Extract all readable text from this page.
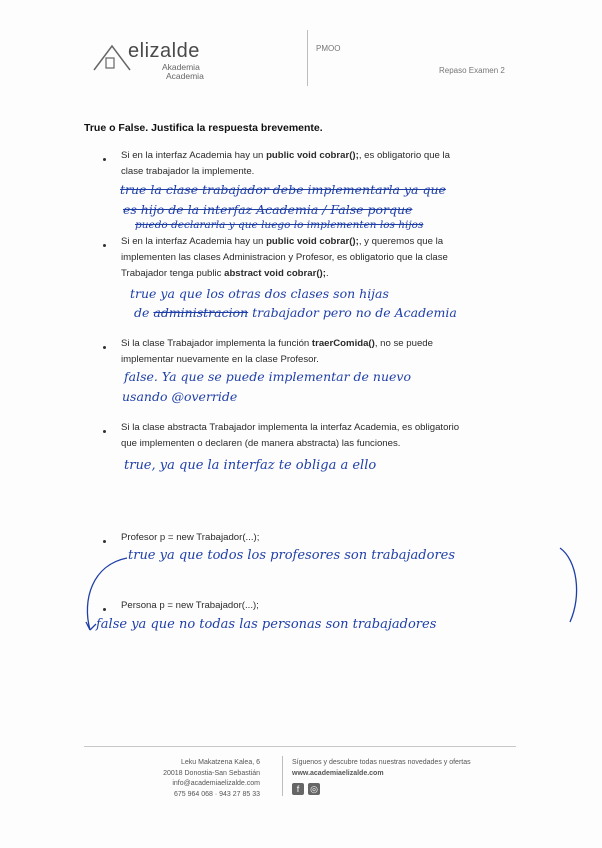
elizalde
Akademia
Academia
PMOO
Repaso Examen 2
True o False. Justifica la respuesta brevemente.
Si en la interfaz Academia hay un public void cobrar();, es obligatorio que la
clase trabajador la implemente.
true la clase trabajador debe implementarla ya que
es hijo de la interfaz Academia / False porque
puedo declararla y que luego lo implementen los hijos
Si en la interfaz Academia hay un public void cobrar();, y queremos que la
implementen las clases Administracion y Profesor, es obligatorio que la clase
Trabajador tenga public abstract void cobrar();.
true ya que los otras dos clases son hijas
de administracion trabajador pero no de Academia
Si la clase Trabajador implementa la función traerComida(), no se puede
implementar nuevamente en la clase Profesor.
false. Ya que se puede implementar de nuevo
usando @override
Si la clase abstracta Trabajador implementa la interfaz Academia, es obligatorio
que implementen o declaren (de manera abstracta) las funciones.
true, ya que la interfaz te obliga a ello
Profesor p = new Trabajador(...);
true ya que todos los profesores son trabajadores
Persona p = new Trabajador(...);
false ya que no todas las personas son trabajadores
Leku Makatzena Kalea, 6
20018 Donostia-San Sebastián
info@academiaelizalde.com
675 964 068 · 943 27 85 33
Síguenos y descubre todas nuestras novedades y ofertas
www.academiaelizalde.com
f ◎
